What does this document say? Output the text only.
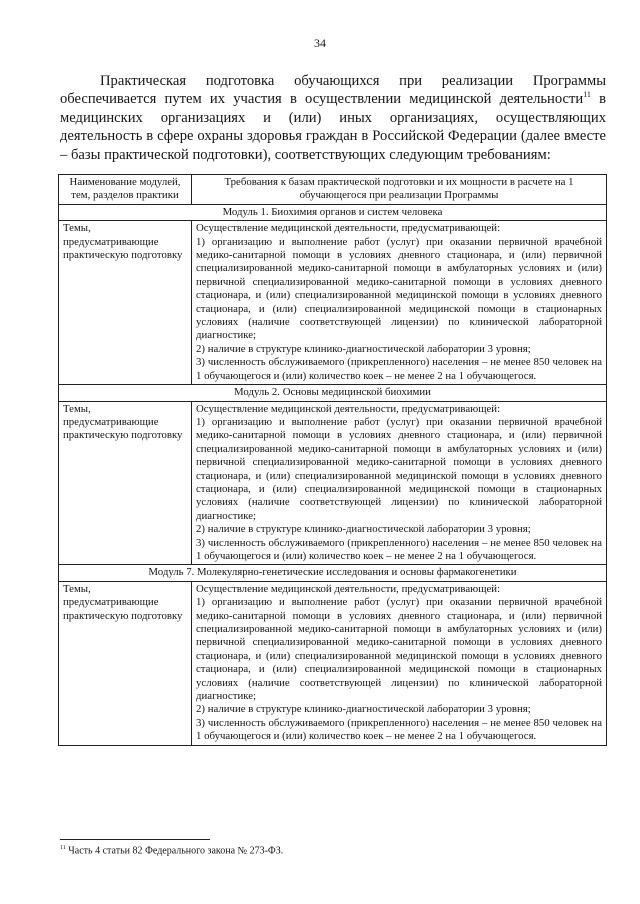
34

Практическая подготовка обучающихся при реализации Программы обеспечивается путем их участия в осуществлении медицинской деятельности$^{11}$ в медицинских организациях и (или) иных организациях, осуществляющих деятельность в сфере охраны здоровья граждан в Российской Федерации (далее вместе – базы практической подготовки), соответствующих следующим требованиям:

Наименование модулей, тем, разделов практики	Требования к базам практической подготовки и их мощности в расчете на 1 обучающегося при реализации Программы
Модуль 1. Биохимия органов и систем человека	
Темы, предусматривающие практическую подготовку	Осуществление медицинской деятельности, предусматривающей:

1) организацию и выполнение работ (услуг) при оказании первичной врачебной медико-санитарной помощи в условиях дневного стационара, и (или) первичной специализированной медико-санитарной помощи в амбулаторных условиях и (или) первичной специализированной медико-санитарной помощи в условиях дневного стационара, и (или) специализированной медицинской помощи в условиях дневного стационара, и (или) специализированной медицинской помощи в стационарных условиях (наличие соответствующей лицензии) по клинической лабораторной диагностике;

2) наличие в структуре клинико-диагностической лаборатории 3 уровня;

3) численность обслуживаемого (прикрепленного) населения – не менее 850 человек на 1 обучающегося и (или) количество коек – не менее 2 на 1 обучающегося.

Модуль 2. Основы медицинской биохимии	
Темы, предусматривающие практическую подготовку	Осуществление медицинской деятельности, предусматривающей:

1) организацию и выполнение работ (услуг) при оказании первичной врачебной медико-санитарной помощи в условиях дневного стационара, и (или) первичной специализированной медико-санитарной помощи в амбулаторных условиях и (или) первичной специализированной медико-санитарной помощи в условиях дневного стационара, и (или) специализированной медицинской помощи в условиях дневного стационара, и (или) специализированной медицинской помощи в стационарных условиях (наличие соответствующей лицензии) по клинической лабораторной диагностике;

2) наличие в структуре клинико-диагностической лаборатории 3 уровня;

3) численность обслуживаемого (прикрепленного) населения – не менее 850 человек на 1 обучающегося и (или) количество коек – не менее 2 на 1 обучающегося.

Модуль 7. Молекулярно-генетические исследования и основы фармакогенетики	
Темы, предусматривающие практическую подготовку	Осуществление медицинской деятельности, предусматривающей:

1) организацию и выполнение работ (услуг) при оказании первичной врачебной медико-санитарной помощи в условиях дневного стационара, и (или) первичной специализированной медико-санитарной помощи в амбулаторных условиях и (или) первичной специализированной медико-санитарной помощи в условиях дневного стационара, и (или) специализированной медицинской помощи в условиях дневного стационара, и (или) специализированной медицинской помощи в стационарных условиях (наличие соответствующей лицензии) по клинической лабораторной диагностике;

2) наличие в структуре клинико-диагностической лаборатории 3 уровня;

3) численность обслуживаемого (прикрепленного) населения – не менее 850 человек на 1 обучающегося и (или) количество коек – не менее 2 на 1 обучающегося.

$^{11}$ Часть 4 статьи 82 Федерального закона № 273-ФЗ.
